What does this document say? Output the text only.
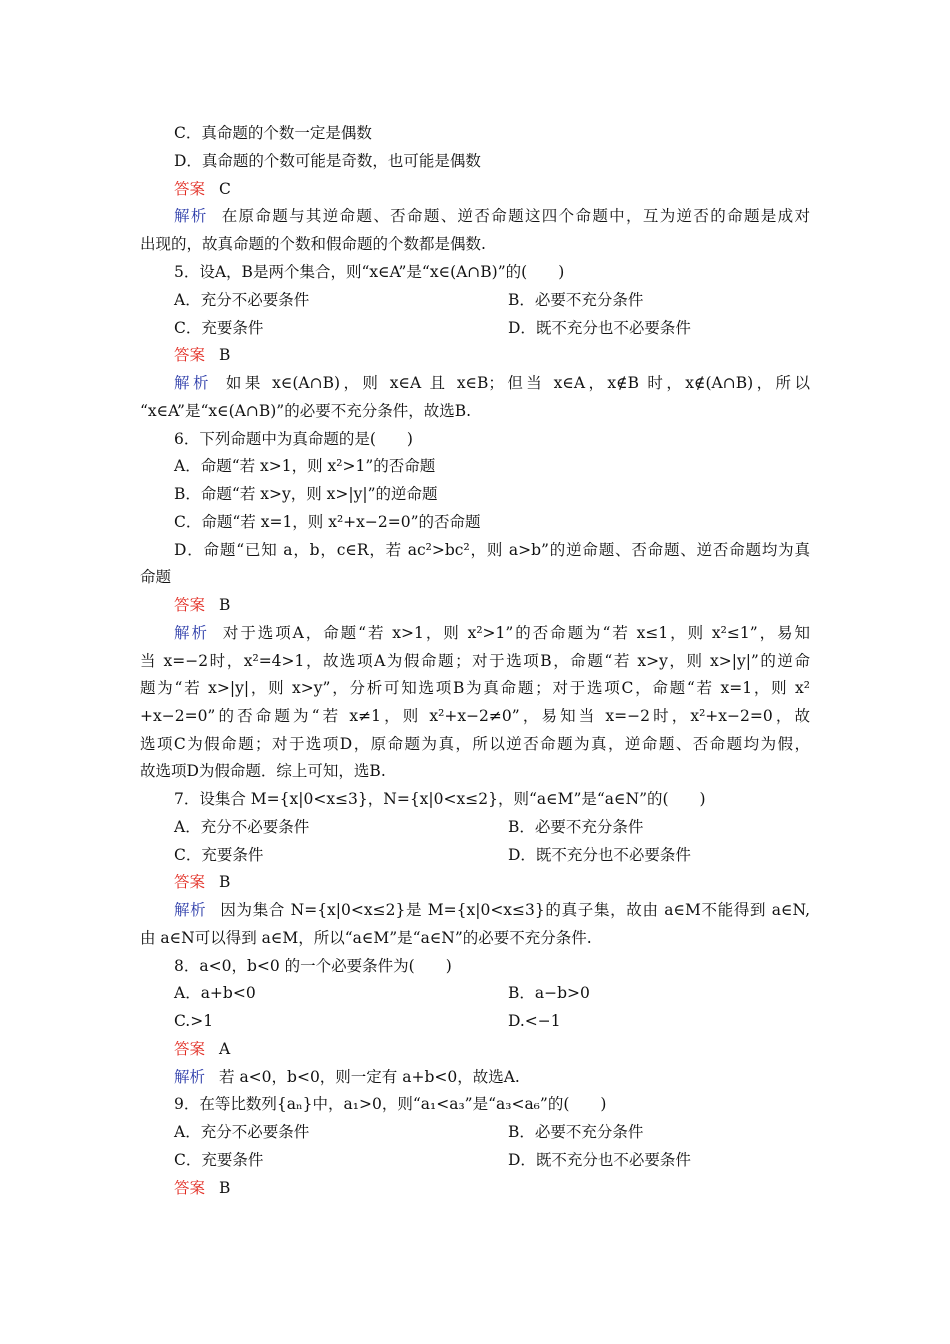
C．真命题的个数一定是偶数
D．真命题的个数可能是奇数，也可能是偶数
答案 C
解析 在原命题与其逆命题、否命题、逆否命题这四个命题中，互为逆否的命题是成对
出现的，故真命题的个数和假命题的个数都是偶数.
5．设A，B是两个集合，则“x∈A”是“x∈(A∩B)”的(　　)
A．充分不必要条件	B．必要不充分条件
C．充要条件	D．既不充分也不必要条件
答案 B
解析 如果 x∈(A∩B)，则 x∈A 且 x∈B；但当 x∈A，x∉B 时，x∉(A∩B)，所以
“x∈A”是“x∈(A∩B)”的必要不充分条件，故选B.
6．下列命题中为真命题的是(　　)
A．命题“若 x>1，则 x²>1”的否命题
B．命题“若 x>y，则 x>|y|”的逆命题
C．命题“若 x=1，则 x²+x−2=0”的否命题
D．命题“已知 a，b，c∈R，若 ac²>bc²，则 a>b”的逆命题、否命题、逆否命题均为真
命题
答案 B
解析 对于选项A，命题“若 x>1，则 x²>1”的否命题为“若 x≤1，则 x²≤1”，易知
当 x=−2时，x²=4>1，故选项A为假命题；对于选项B，命题“若 x>y，则 x>|y|”的逆命
题为“若 x>|y|，则 x>y”，分析可知选项B为真命题；对于选项C，命题“若 x=1，则 x²
+x−2=0”的否命题为“若 x≠1，则 x²+x−2≠0”，易知当 x=−2时，x²+x−2=0，故
选项C为假命题；对于选项D，原命题为真，所以逆否命题为真，逆命题、否命题均为假，
故选项D为假命题．综上可知，选B.
7．设集合 M={x|0<x≤3}，N={x|0<x≤2}，则“a∈M”是“a∈N”的(　　)
A．充分不必要条件	B．必要不充分条件
C．充要条件	D．既不充分也不必要条件
答案 B
解析 因为集合 N={x|0<x≤2}是 M={x|0<x≤3}的真子集，故由 a∈M不能得到 a∈N,
由 a∈N可以得到 a∈M，所以“a∈M”是“a∈N”的必要不充分条件.
8．a<0，b<0 的一个必要条件为(　　)
A．a+b<0	B．a−b>0
C.>1	D.<−1
答案 A
解析 若 a<0，b<0，则一定有 a+b<0，故选A.
9．在等比数列{aₙ}中，a₁>0，则“a₁<a₃”是“a₃<a₆”的(　　)
A．充分不必要条件	B．必要不充分条件
C．充要条件	D．既不充分也不必要条件
答案 B
